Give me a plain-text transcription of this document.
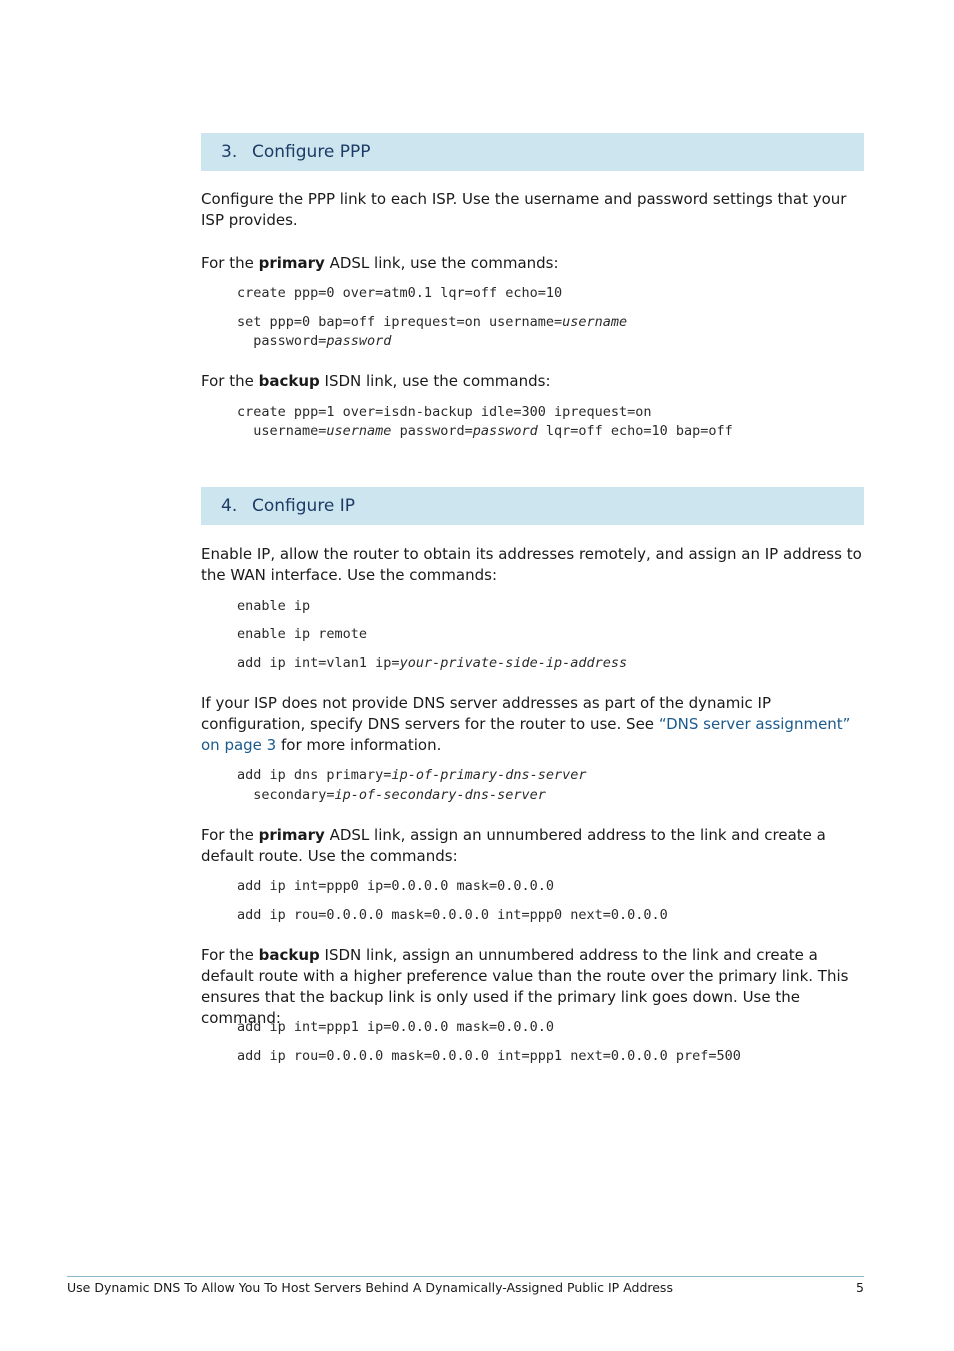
3. Configure PPP
Configure the PPP link to each ISP. Use the username and password settings that your ISP provides.
For the primary ADSL link, use the commands:
create ppp=0 over=atm0.1 lqr=off echo=10
set ppp=0 bap=off iprequest=on username=username
password=password
For the backup ISDN link, use the commands:
create ppp=1 over=isdn-backup idle=300 iprequest=on
username=username password=password lqr=off echo=10 bap=off
4. Configure IP
Enable IP, allow the router to obtain its addresses remotely, and assign an IP address to the WAN interface. Use the commands:
enable ip
enable ip remote
add ip int=vlan1 ip=your-private-side-ip-address
If your ISP does not provide DNS server addresses as part of the dynamic IP configuration, specify DNS servers for the router to use. See “DNS server assignment” on page 3 for more information.
add ip dns primary=ip-of-primary-dns-server
secondary=ip-of-secondary-dns-server
For the primary ADSL link, assign an unnumbered address to the link and create a default route. Use the commands:
add ip int=ppp0 ip=0.0.0.0 mask=0.0.0.0
add ip rou=0.0.0.0 mask=0.0.0.0 int=ppp0 next=0.0.0.0
For the backup ISDN link, assign an unnumbered address to the link and create a default route with a higher preference value than the route over the primary link. This ensures that the backup link is only used if the primary link goes down. Use the command:
add ip int=ppp1 ip=0.0.0.0 mask=0.0.0.0
add ip rou=0.0.0.0 mask=0.0.0.0 int=ppp1 next=0.0.0.0 pref=500
Use Dynamic DNS To Allow You To Host Servers Behind A Dynamically-Assigned Public IP Address	5
